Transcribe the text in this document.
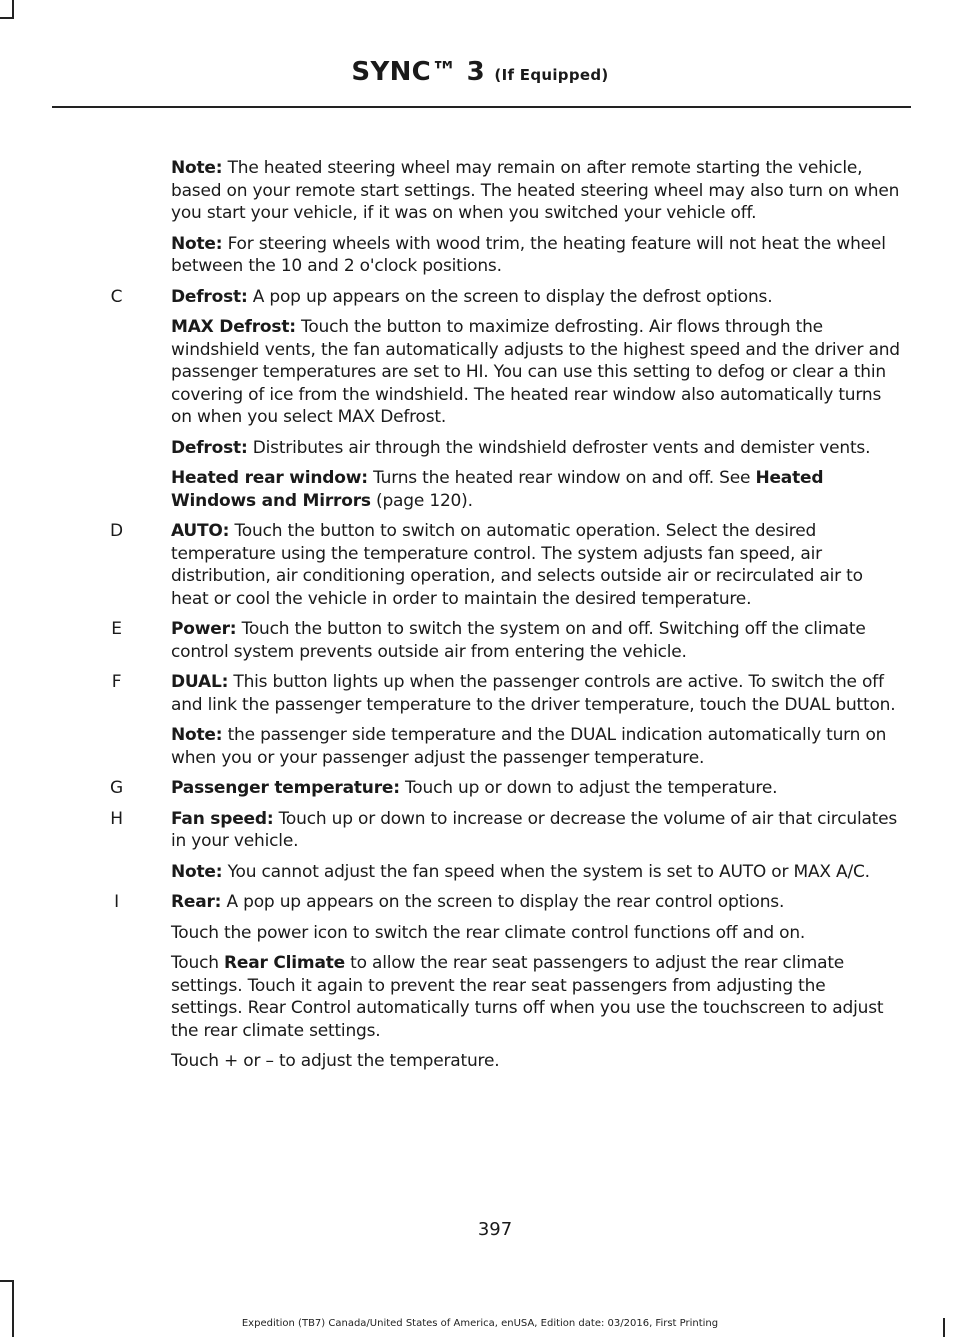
SYNC™ 3 (If Equipped)

Note: The heated steering wheel may remain on after remote starting the vehicle, based on your remote start settings. The heated steering wheel may also turn on when you start your vehicle, if it was on when you switched your vehicle off.

Note: For steering wheels with wood trim, the heating feature will not heat the wheel between the 10 and 2 o'clock positions.

C	Defrost: A pop up appears on the screen to display the defrost options.

MAX Defrost: Touch the button to maximize defrosting. Air flows through the windshield vents, the fan automatically adjusts to the highest speed and the driver and passenger temperatures are set to HI. You can use this setting to defog or clear a thin covering of ice from the windshield. The heated rear window also automatically turns on when you select MAX Defrost.

Defrost: Distributes air through the windshield defroster vents and demister vents.

Heated rear window: Turns the heated rear window on and off. See Heated Windows and Mirrors (page 120).

D	AUTO: Touch the button to switch on automatic operation. Select the desired temperature using the temperature control. The system adjusts fan speed, air distribution, air conditioning operation, and selects outside air or recirculated air to heat or cool the vehicle in order to maintain the desired temperature.

E	Power: Touch the button to switch the system on and off. Switching off the climate control system prevents outside air from entering the vehicle.

F	DUAL: This button lights up when the passenger controls are active. To switch the off and link the passenger temperature to the driver temperature, touch the DUAL button.

Note: the passenger side temperature and the DUAL indication automatically turn on when you or your passenger adjust the passenger temperature.

G	Passenger temperature: Touch up or down to adjust the temperature.

H	Fan speed: Touch up or down to increase or decrease the volume of air that circulates in your vehicle.

Note: You cannot adjust the fan speed when the system is set to AUTO or MAX A/C.

I	Rear: A pop up appears on the screen to display the rear control options.

Touch the power icon to switch the rear climate control functions off and on.

Touch Rear Climate to allow the rear seat passengers to adjust the rear climate settings. Touch it again to prevent the rear seat passengers from adjusting the settings. Rear Control automatically turns off when you use the touchscreen to adjust the rear climate settings.

Touch + or – to adjust the temperature.

397
Expedition (TB7) Canada/United States of America, enUSA, Edition date: 03/2016, First Printing
